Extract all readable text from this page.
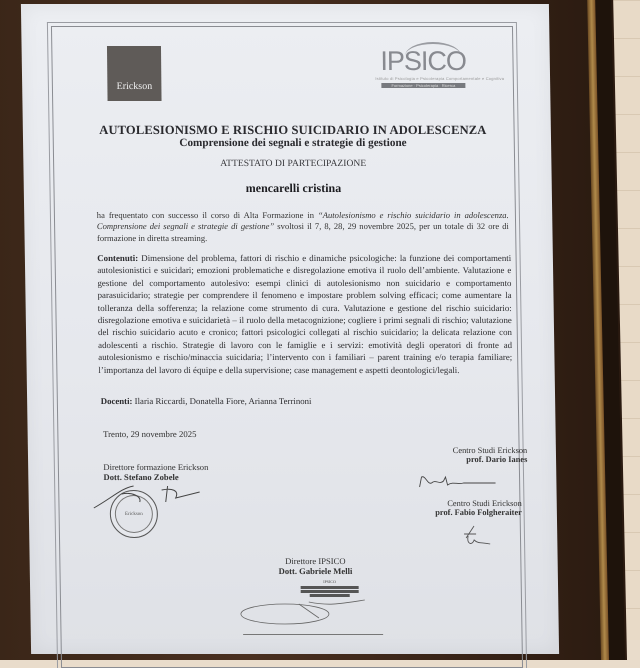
Erickson
IPSICO
Istituto di Psicologia e Psicoterapia Comportamentale e Cognitiva
Formazione · Psicoterapia · Ricerca
AUTOLESIONISMO E RISCHIO SUICIDARIO IN ADOLESCENZA
Comprensione dei segnali e strategie di gestione
ATTESTATO DI PARTECIPAZIONE
mencarelli cristina
ha frequentato con successo il corso di Alta Formazione in “Autolesionismo e rischio suicidario in adolescenza. Comprensione dei segnali e strategie di gestione” svoltosi il 7, 8, 28, 29 novembre 2025, per un totale di 32 ore di formazione in diretta streaming.
Contenuti: Dimensione del problema, fattori di rischio e dinamiche psicologiche: la funzione dei comportamenti autolesionistici e suicidari; emozioni problematiche e disregolazione emotiva il ruolo dell’ambiente. Valutazione e gestione del comportamento autolesivo: esempi clinici di autolesionismo non suicidario e comportamento parasuicidario; strategie per comprendere il fenomeno e impostare problem solving efficaci; come aumentare la tolleranza della sofferenza; la relazione come strumento di cura. Valutazione e gestione del rischio suicidario: disregolazione emotiva e suicidarietà – il ruolo della metacognizione; cogliere i primi segnali di rischio; valutazione del rischio suicidario acuto e cronico; fattori psicologici collegati al rischio suicidario; la delicata relazione con adolescenti a rischio. Strategie di lavoro con le famiglie e i servizi: emotività degli operatori di fronte ad autolesionismo e rischio/minaccia suicidaria; l’intervento con i familiari – parent training e/o terapia familiare; l’importanza del lavoro di équipe e della supervisione; case management e aspetti deontologici/legali.
Docenti: Ilaria Riccardi, Donatella Fiore, Arianna Terrinoni
Trento, 29 novembre 2025
Direttore formazione Erickson
Dott. Stefano Zobele
Erickson
Centro Studi Erickson
prof. Dario Ianes
Centro Studi Erickson
prof. Fabio Folgheraiter
Direttore IPSICO
Dott. Gabriele Melli
IPSICO
